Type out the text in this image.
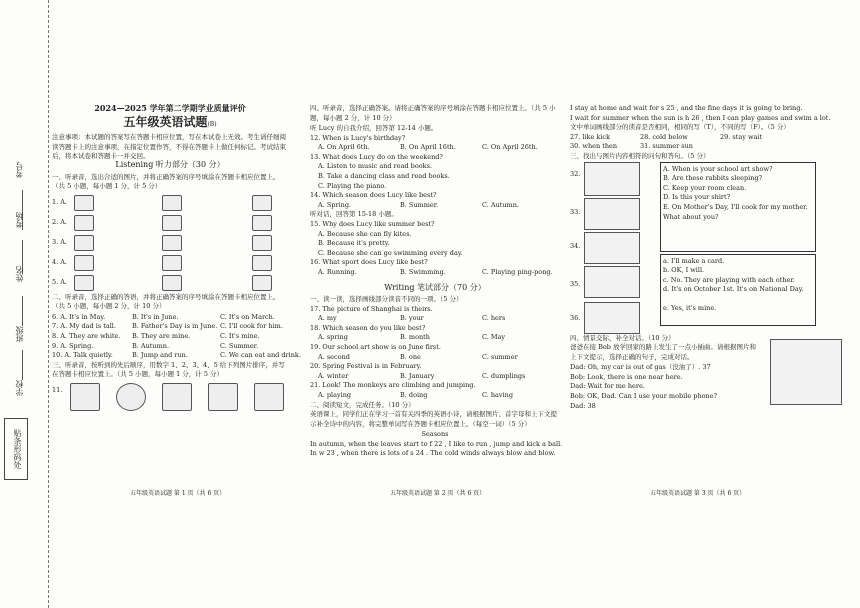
考号
考场
姓名
班级
学校
贴条形码处
2024—2025 学年第二学期学业质量评价
五年级英语试题(B)
注意事项：本试题的答案写在答题卡相应位置，写在本试卷上无效。考生请仔细阅读答题卡上的注意事项，在指定位置作答，不得在答题卡上做任何标记。考试结束后，将本试卷和答题卡一并交回。
Listening 听力部分（30 分）
一、听录音，选出合适的图片，并将正确答案的序号填涂在答题卡相应位置上。（共 5 小题，每小题 1 分，计 5 分）
1. A.
2. A.
3. A.
4. A.
5. A.
二、听录音，选择正确的答语，并将正确答案的序号填涂在答题卡相应位置上。（共 5 小题，每小题 2 分，计 10 分）
6. A. It's in May.	B. It's in June.	C. It's on March.
7. A. My dad is tall. B. Father's Day is in June. C. I'll cook for him.
8. A. They are white. B. They are mine.	C. It's mine.
9. A. Spring.	B. Autumn.	C. Summer.
10. A. Talk quietly.	B. Jump and run.	C. We can eat and drink.
三、听录音，按听到的先后顺序，用数字 1、2、3、4、5 给下列图片排序，并写在答题卡相应位置上。（共 5 小题，每小题 1 分，计 5 分）
11.
四、听录音，选择正确答案。请将正确答案的序号填涂在答题卡相应位置上。（共 5 小题，每小题 2 分，计 10 分）
听 Lucy 的自我介绍，回答第 12-14 小题。
12. When is Lucy's birthday?
A. On April 6th.	B. On April 16th.	C. On April 26th.
13. What does Lucy do on the weekend?
A. Listen to music and read books.
B. Take a dancing class and read books.
C. Playing the piano.
14. Which season does Lucy like best?
A. Spring.	B. Summer.	C. Autumn.
听对话，回答第 15-18 小题。
15. Why does Lucy like summer best?
A. Because she can fly kites.
B. Because it's pretty.
C. Because she can go swimming every day.
16. What sport does Lucy like best?
A. Running.	B. Swimming.	C. Playing ping-pong.
Writing 笔试部分（70 分）
一、读一读，选择画线部分读音不同的一项。（5 分）
17. The picture of Shanghai is theirs.
A. my	B. your	C. hers
18. Which season do you like best?
A. spring	B. month	C. May
19. Our school art show is on June first.
A. second	B. one	C. summer
20. Spring Festival is in February.
A. winter	B. January	C. dumplings
21. Look! The monkeys are climbing and jumping.
A. playing	B. doing	C. having
二、阅读短文，完成任务。（10 分）
英语课上，同学们正在学习一首有关四季的英语小诗，请根据图片、首字母和上下文提示补全诗中的内容，将完整单词写在答题卡相应位置上。（每空一词）（5 分）
Seasons
In autumn, when the leaves start to f 22 , I like to run , jump and kick a ball.
In w 23 , when there is lots of s 24 . The cold winds always blow and blow.
I stay at home and wait for s 25 , and the fine days it is going to bring.
I wait for summer when the sun is h 26 , then I can play games and swim a lot.
文中单词画线部分的读音是否相同，相同的写（T），不同的写（F）。（5 分）
27. like kick	28. cold below	29. stay wait
30. when then	31. summer sun
三、找出与图片内容相符的问句和答句。（5 分）
32.
33.
34.
35.
36.
A. When is your school art show?
B. Are these rabbits sleeping?
C. Keep your room clean.
D. Is this your shirt?
E. On Mother's Day, I'll cook for my mother. What about you?
a. I'll make a card.
b. OK, I will.
c. No. They are playing with each other.
d. It's on October 1st. It's on National Day.
e. Yes, it's mine.
四、情景交际，补全对话。（10 分）
爸爸在接 Bob 放学回家的路上发生了一点小插曲。请根据图片和上下文提示，选择正确的句子，完成对话。
Dad: Oh, my car is out of gas（没油了）. 37
Bob: Look, there is one near here.
Dad: Wait for me here.
Bob: OK, Dad. Can I use your mobile phone?
Dad: 38
五年级英语试题 第 1 页（共 6 页）	五年级英语试题 第 2 页（共 6 页）	五年级英语试题 第 3 页（共 6 页）
